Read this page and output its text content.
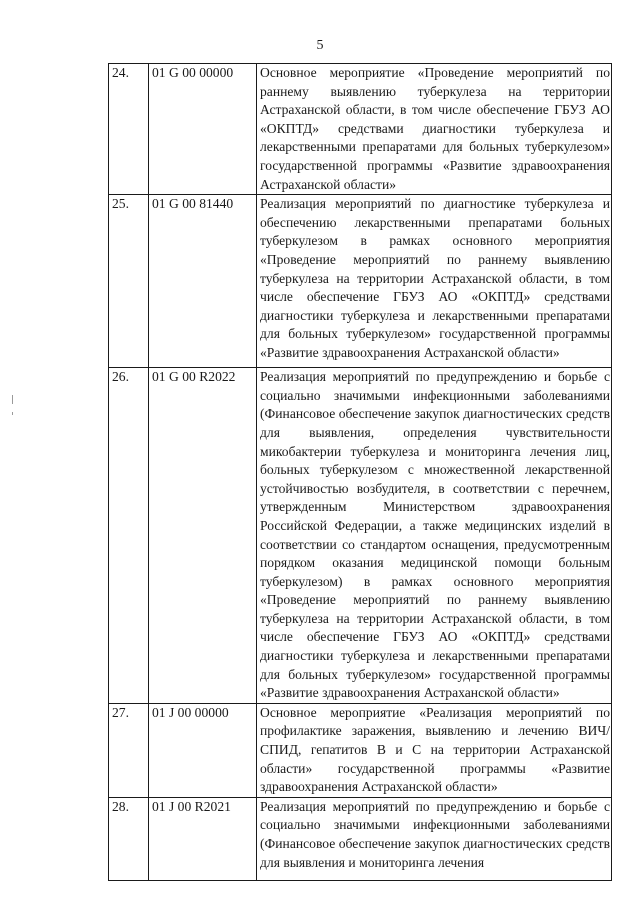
5
24.	01 G 00 00000	Основное мероприятие «Проведение мероприятий по раннему выявлению туберкулеза на территории Астраханской области, в том числе обеспечение ГБУЗ АО «ОКПТД» средствами диагностики туберкулеза и лекарственными препаратами для больных туберкулезом» государственной программы «Развитие здравоохранения Астраханской области»
25.	01 G 00 81440	Реализация мероприятий по диагностике туберкулеза и обеспечению лекарственными препаратами больных туберкулезом в рамках основного мероприятия «Проведение мероприятий по раннему выявлению туберкулеза на территории Астраханской области, в том числе обеспечение ГБУЗ АО «ОКПТД» средствами диагностики туберкулеза и лекарственными препаратами для больных туберкулезом» государственной программы «Развитие здравоохранения Астраханской области»
26.	01 G 00 R2022	Реализация мероприятий по предупреждению и борьбе с социально значимыми инфекционными заболеваниями (Финансовое обеспечение закупок диагностических средств для выявления, определения чувствительности микобактерии туберкулеза и мониторинга лечения лиц, больных туберкулезом с множественной лекарственной устойчивостью возбудителя, в соответствии с перечнем, утвержденным Министерством здравоохранения Российской Федерации, а также медицинских изделий в соответствии со стандартом оснащения, предусмотренным порядком оказания медицинской помощи больным туберкулезом) в рамках основного мероприятия «Проведение мероприятий по раннему выявлению туберкулеза на территории Астраханской области, в том числе обеспечение ГБУЗ АО «ОКПТД» средствами диагностики туберкулеза и лекарственными препаратами для больных туберкулезом» государственной программы «Развитие здравоохранения Астраханской области»
27.	01 J 00 00000	Основное мероприятие «Реализация мероприятий по профилактике заражения, выявлению и лечению ВИЧ/СПИД, гепатитов В и С на территории Астраханской области» государственной программы «Развитие здравоохранения Астраханской области»
28.	01 J 00 R2021	Реализация мероприятий по предупреждению и борьбе с социально значимыми инфекционными заболеваниями (Финансовое обеспечение закупок диагностических средств для выявления и мониторинга лечения
